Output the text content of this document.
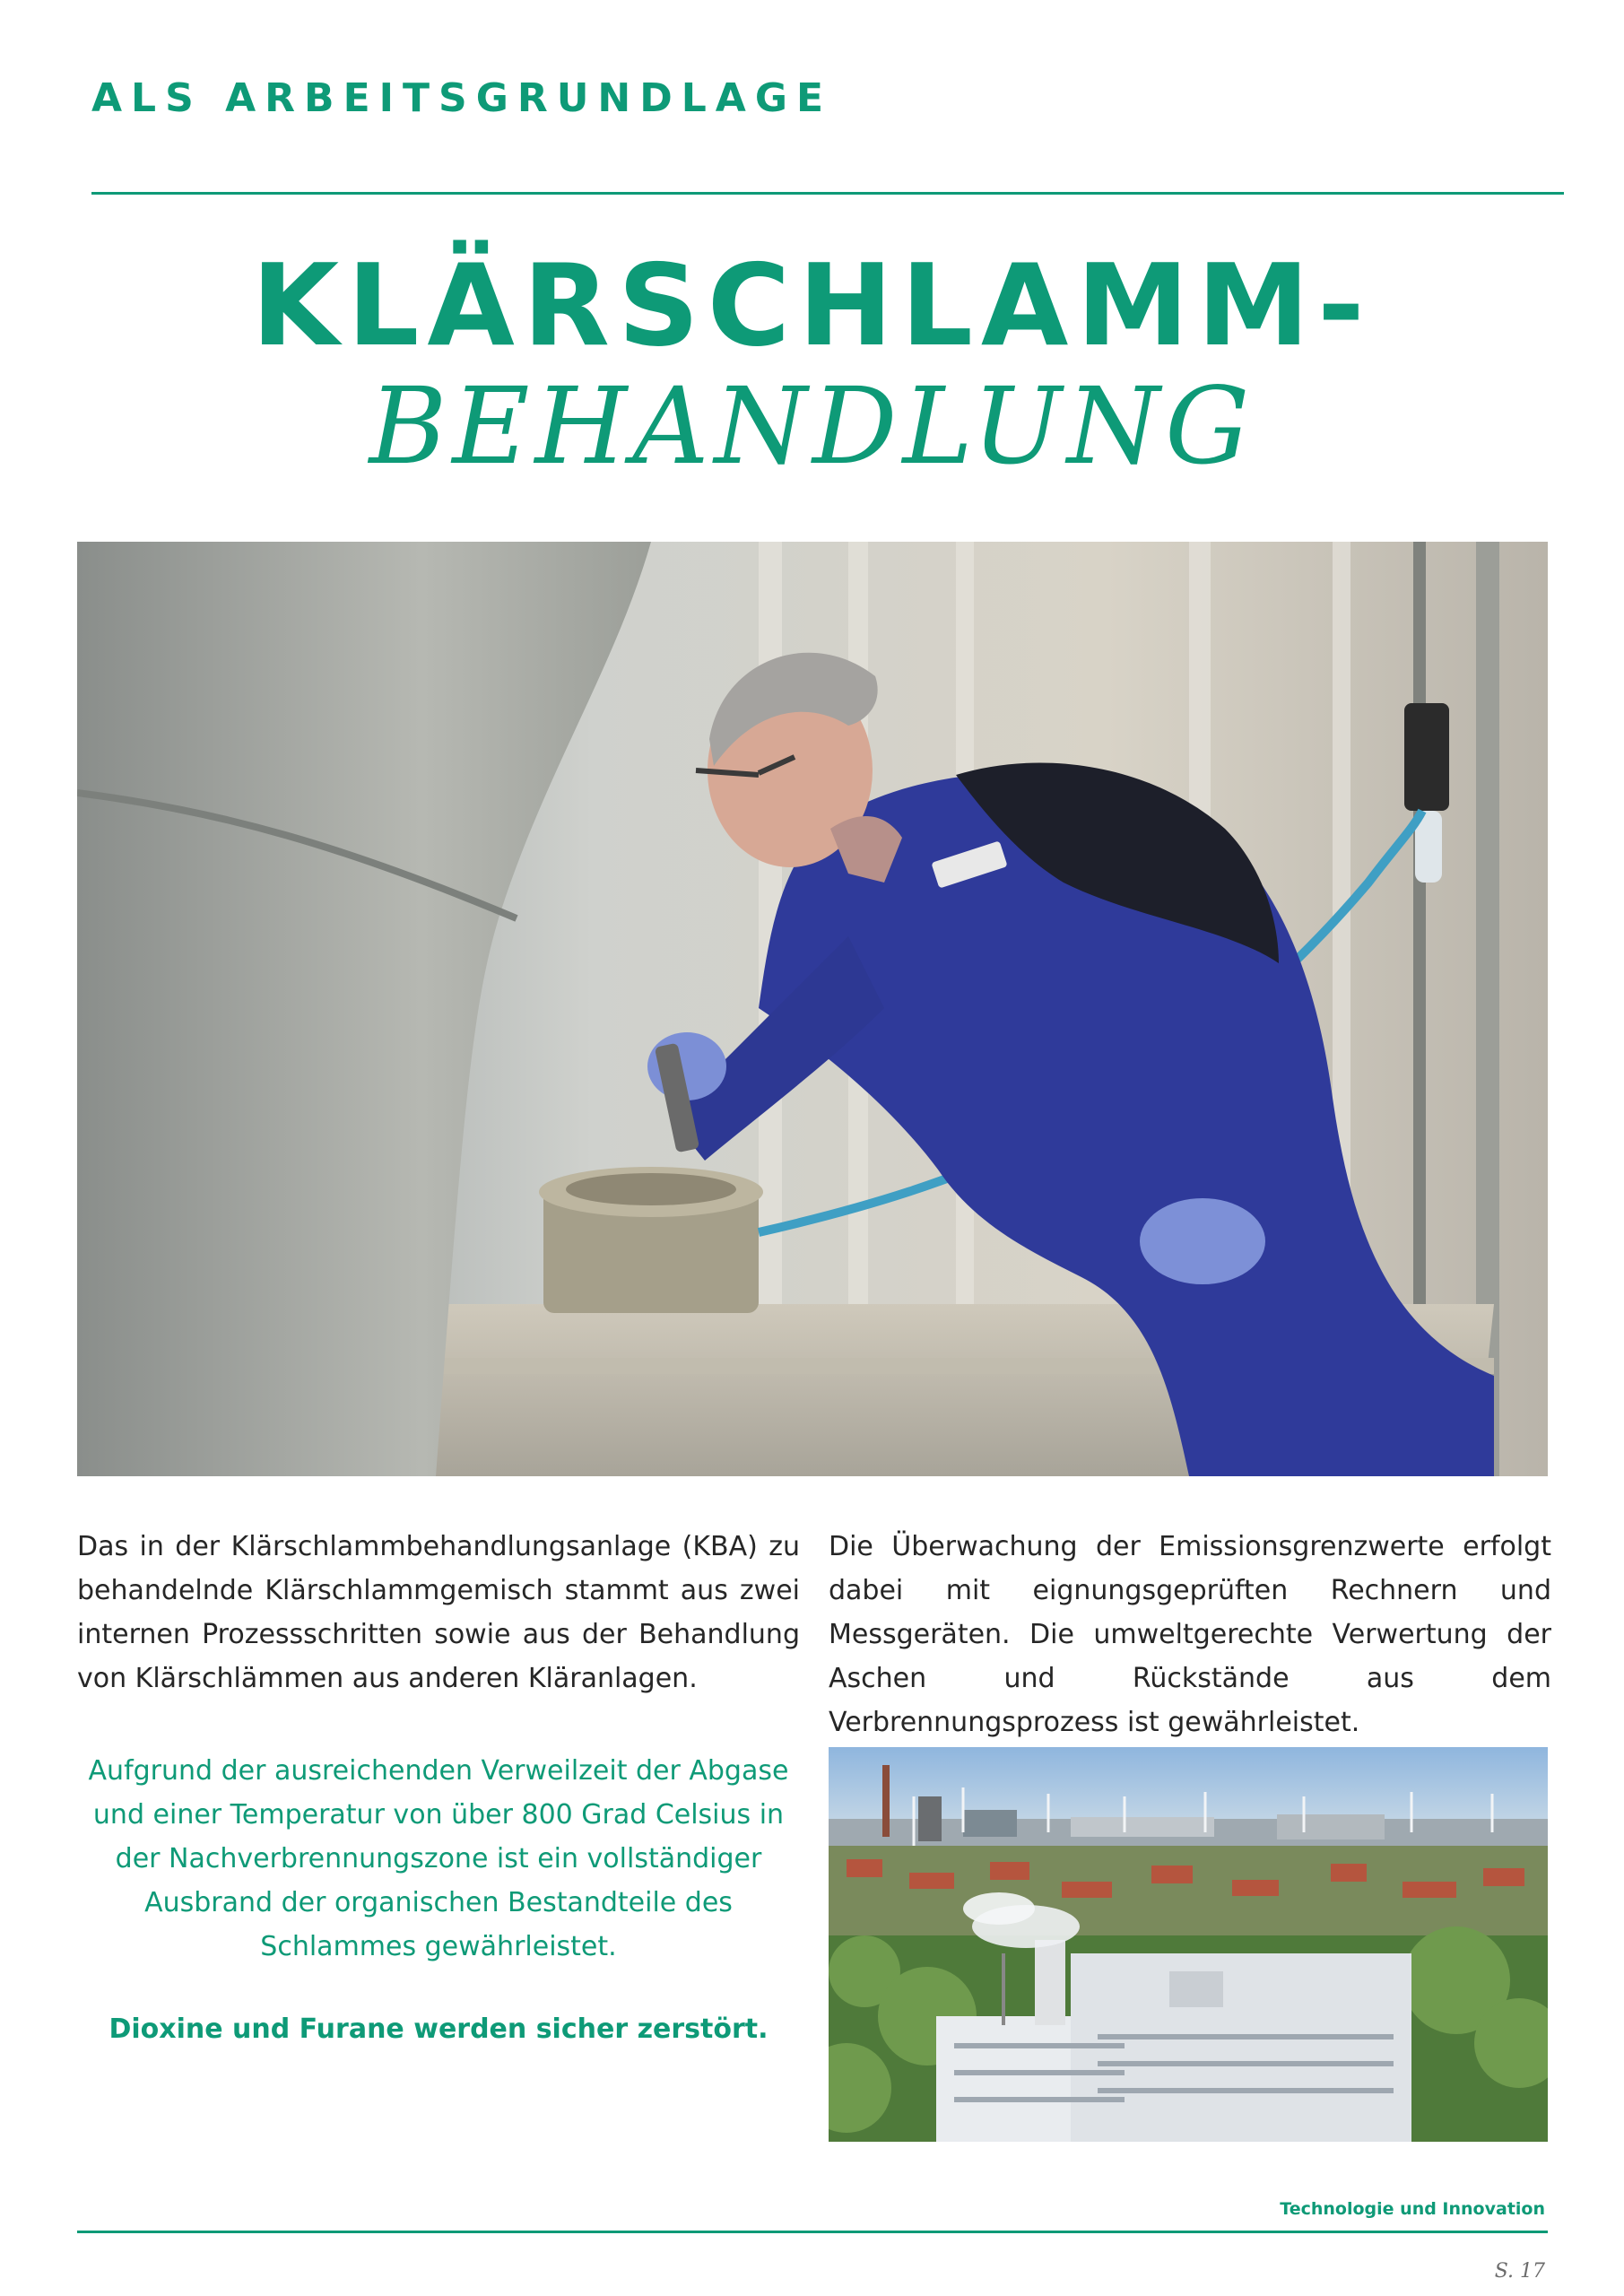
ALS ARBEITSGRUNDLAGE
KLÄRSCHLAMM-
BEHANDLUNG
Das in der Klärschlammbehandlungsanlage (KBA) zu behandelnde Klärschlammgemisch stammt aus zwei internen Prozessschritten sowie aus der Behandlung von Klärschlämmen aus anderen Kläranlagen.
Die Überwachung der Emissionsgrenzwerte erfolgt dabei mit eignungsgeprüften Rechnern und Messgeräten. Die umweltgerechte Verwertung der Aschen und Rückstände aus dem Verbrennungsprozess ist gewährleistet.
Aufgrund der ausreichenden Verweilzeit der Abgase und einer Temperatur von über 800 Grad Celsius in der Nachverbrennungszone ist ein vollständiger Ausbrand der organischen Bestandteile des Schlammes gewährleistet.
Dioxine und Furane werden sicher zerstört.
Technologie und Innovation
S. 17
